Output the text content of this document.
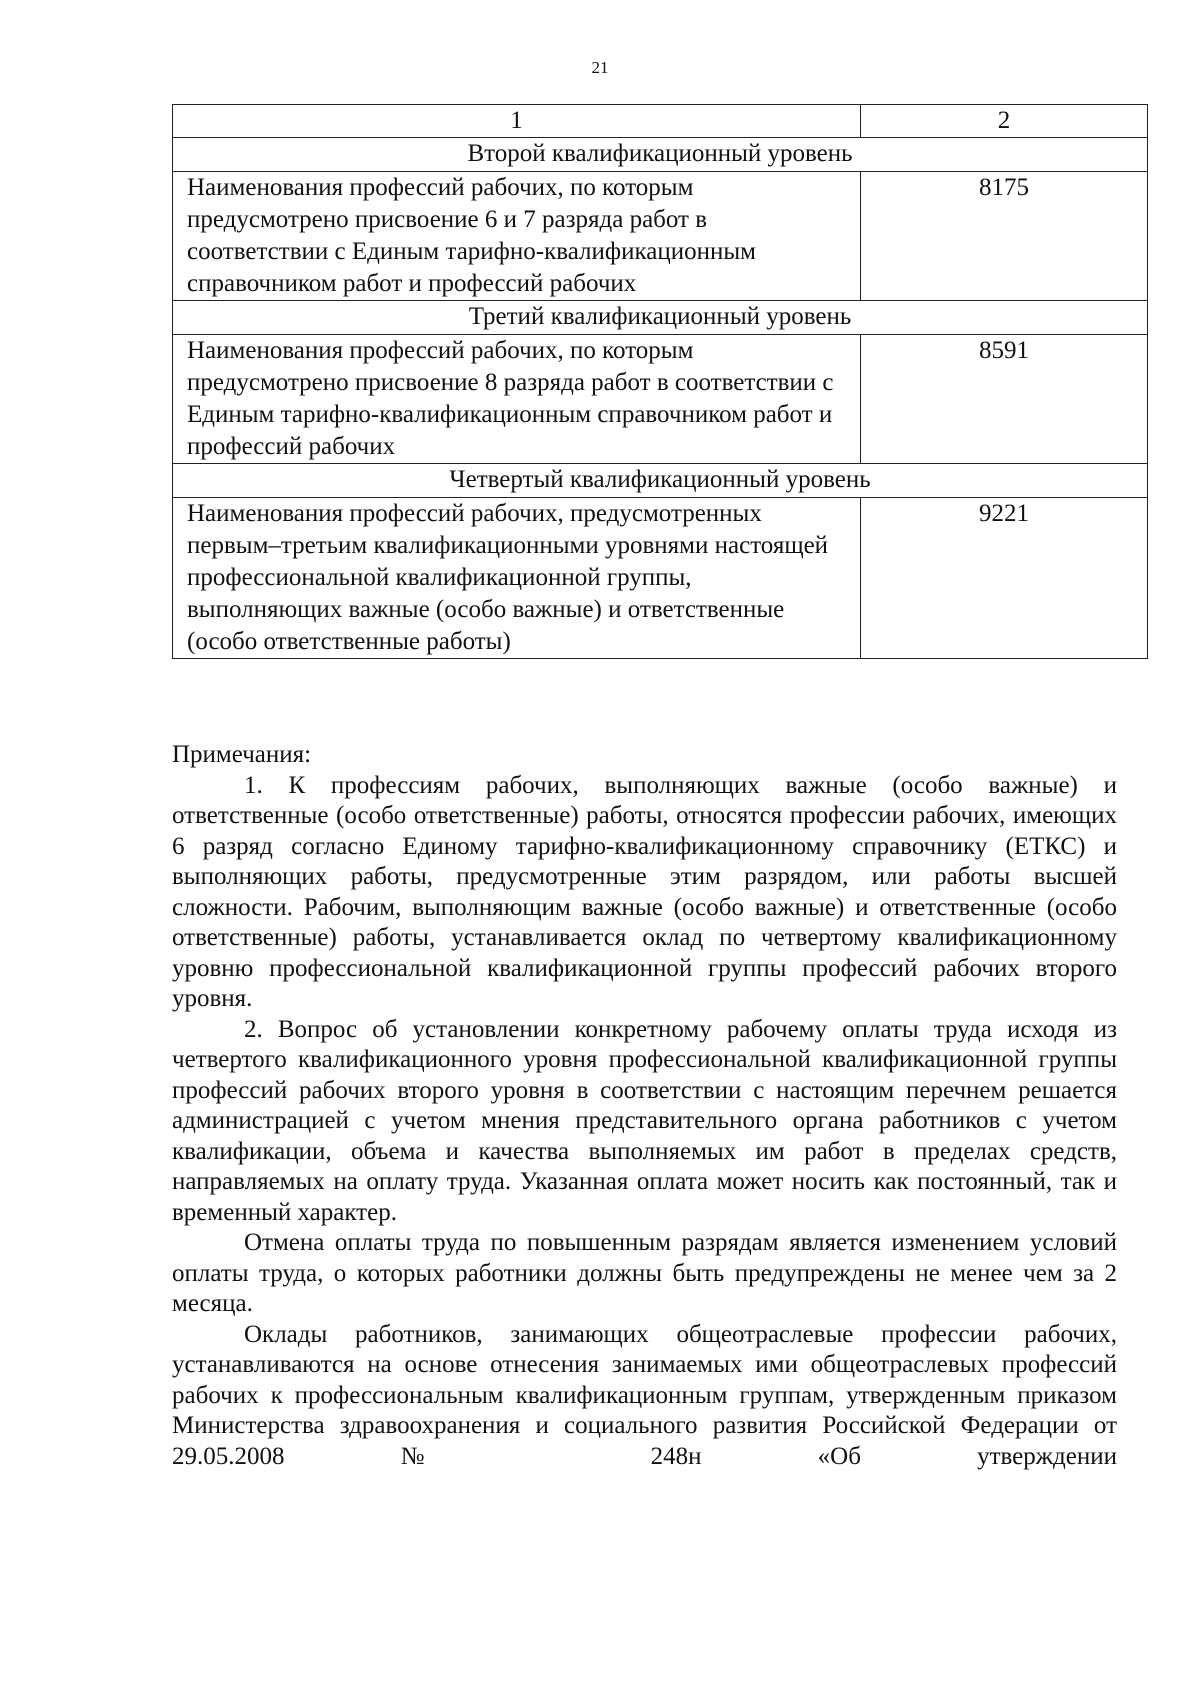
21
1	2
Второй квалификационный уровень	
Наименования профессий рабочих, по которым предусмотрено присвоение 6 и 7 разряда работ в соответствии с Единым тарифно-квалификационным справочником работ и профессий рабочих	8175
Третий квалификационный уровень	
Наименования профессий рабочих, по которым предусмотрено присвоение 8 разряда работ в соответствии с Единым тарифно-квалификационным справочником работ и профессий рабочих	8591
Четвертый квалификационный уровень	
Наименования профессий рабочих, предусмотренных первым–третьим квалификационными уровнями настоящей профессиональной квалификационной группы, выполняющих важные (особо важные) и ответственные (особо ответственные работы)	9221
Примечания:

1. К профессиям рабочих, выполняющих важные (особо важные) и ответственные (особо ответственные) работы, относятся профессии рабочих, имеющих 6 разряд согласно Единому тарифно-квалификационному справочнику (ЕТКС) и выполняющих работы, предусмотренные этим разрядом, или работы высшей сложности. Рабочим, выполняющим важные (особо важные) и ответственные (особо ответственные) работы, устанавливается оклад по четвертому квалификационному уровню профессиональной квалификационной группы профессий рабочих второго уровня.

2. Вопрос об установлении конкретному рабочему оплаты труда исходя из четвертого квалификационного уровня профессиональной квалификационной группы профессий рабочих второго уровня в соответствии с настоящим перечнем решается администрацией с учетом мнения представительного органа работников с учетом квалификации, объема и качества выполняемых им работ в пределах средств, направляемых на оплату труда. Указанная оплата может носить как постоянный, так и временный характер.

Отмена оплаты труда по повышенным разрядам является изменением условий оплаты труда, о которых работники должны быть предупреждены не менее чем за 2 месяца.

Оклады работников, занимающих общеотраслевые профессии рабочих, устанавливаются на основе отнесения занимаемых ими общеотраслевых профессий рабочих к профессиональным квалификационным группам, утвержденным приказом Министерства здравоохранения и социального развития Российской Федерации от 29.05.2008 № 248н «Об утверждении
